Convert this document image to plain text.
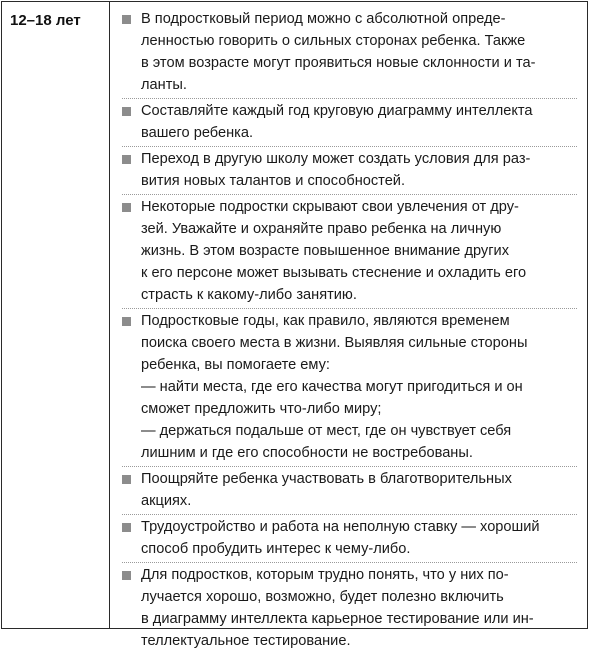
12–18 лет	В подростковый период можно с абсолютной опреде-
ленностью говорить о сильных сторонах ребенка. Также
в этом возрасте могут проявиться новые склонности и та-
ланты.
Составляйте каждый год круговую диаграмму интеллекта
вашего ребенка.
Переход в другую школу может создать условия для раз-
вития новых талантов и способностей.
Некоторые подростки скрывают свои увлечения от дру-
зей. Уважайте и охраняйте право ребенка на личную
жизнь. В этом возрасте повышенное внимание других
к его персоне может вызывать стеснение и охладить его
страсть к какому-либо занятию.
Подростковые годы, как правило, являются временем
поиска своего места в жизни. Выявляя сильные стороны
ребенка, вы помогаете ему:
— найти места, где его качества могут пригодиться и он
сможет предложить что-либо миру;
— держаться подальше от мест, где он чувствует себя
лишним и где его способности не востребованы.
Поощряйте ребенка участвовать в благотворительных
акциях.
Трудоустройство и работа на неполную ставку — хороший
способ пробудить интерес к чему-либо.
Для подростков, которым трудно понять, что у них по-
лучается хорошо, возможно, будет полезно включить
в диаграмму интеллекта карьерное тестирование или ин-
теллектуальное тестирование.
